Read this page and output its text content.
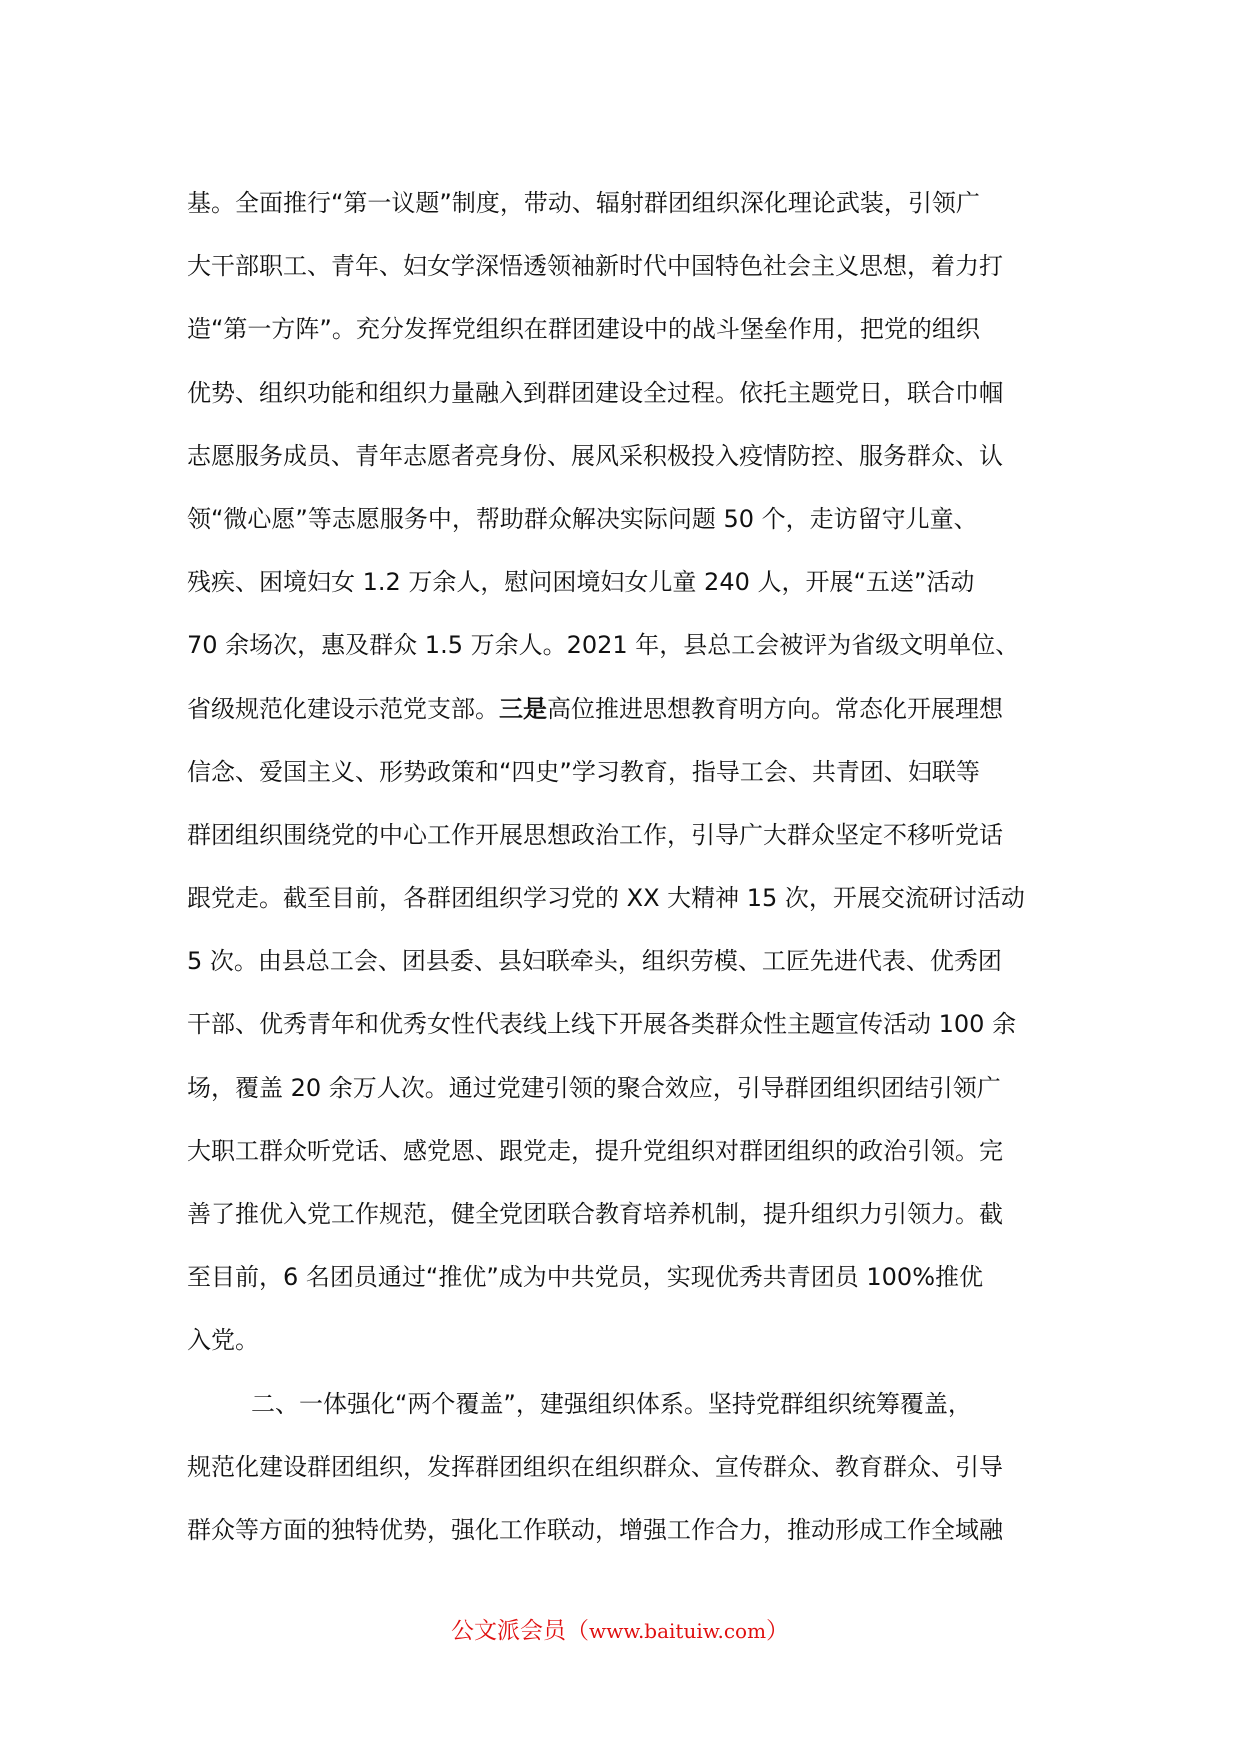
基。全面推行“第一议题”制度，带动、辐射群团组织深化理论武装，引领广
大干部职工、青年、妇女学深悟透领袖新时代中国特色社会主义思想，着力打
造“第一方阵”。充分发挥党组织在群团建设中的战斗堡垒作用，把党的组织
优势、组织功能和组织力量融入到群团建设全过程。依托主题党日，联合巾帼
志愿服务成员、青年志愿者亮身份、展风采积极投入疫情防控、服务群众、认
领“微心愿”等志愿服务中，帮助群众解决实际问题 50 个，走访留守儿童、
残疾、困境妇女 1.2 万余人，慰问困境妇女儿童 240 人，开展“五送”活动
70 余场次，惠及群众 1.5 万余人。2021 年，县总工会被评为省级文明单位、
省级规范化建设示范党支部。三是高位推进思想教育明方向。常态化开展理想
信念、爱国主义、形势政策和“四史”学习教育，指导工会、共青团、妇联等
群团组织围绕党的中心工作开展思想政治工作，引导广大群众坚定不移听党话
跟党走。截至目前，各群团组织学习党的 XX 大精神 15 次，开展交流研讨活动
5 次。由县总工会、团县委、县妇联牵头，组织劳模、工匠先进代表、优秀团
干部、优秀青年和优秀女性代表线上线下开展各类群众性主题宣传活动 100 余
场，覆盖 20 余万人次。通过党建引领的聚合效应，引导群团组织团结引领广
大职工群众听党话、感党恩、跟党走，提升党组织对群团组织的政治引领。完
善了推优入党工作规范，健全党团联合教育培养机制，提升组织力引领力。截
至目前，6 名团员通过“推优”成为中共党员，实现优秀共青团员 100%推优
入党。
二、一体强化“两个覆盖”，建强组织体系。坚持党群组织统筹覆盖，
规范化建设群团组织，发挥群团组织在组织群众、宣传群众、教育群众、引导
群众等方面的独特优势，强化工作联动，增强工作合力，推动形成工作全域融
公文派会员（www.baituiw.com）
